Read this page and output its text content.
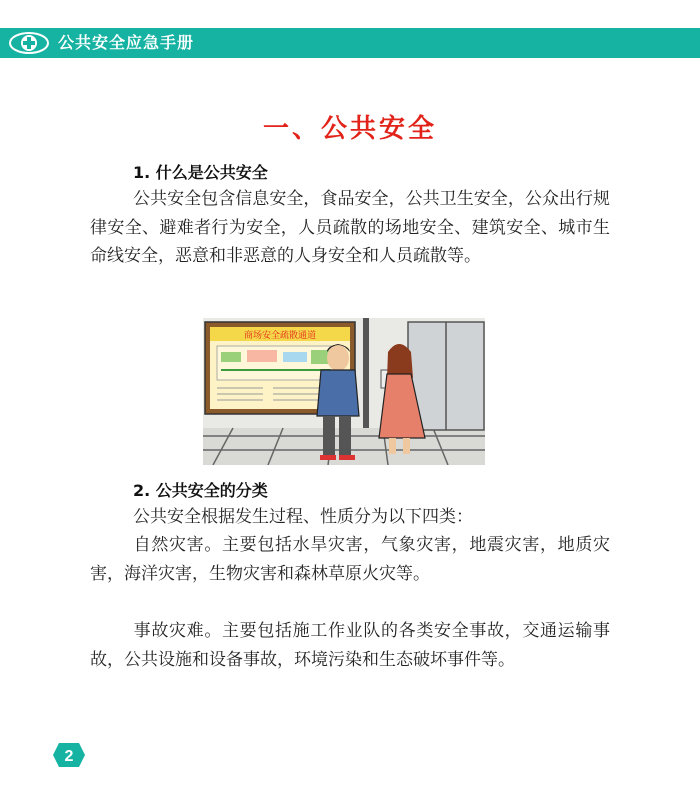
公共安全应急手册
一、公共安全
1. 什么是公共安全
公共安全包含信息安全，食品安全，公共卫生安全，公众出行规律安全、避难者行为安全，人员疏散的场地安全、建筑安全、城市生命线安全，恶意和非恶意的人身安全和人员疏散等。
商场安全疏散通道
2. 公共安全的分类
公共安全根据发生过程、性质分为以下四类：
自然灾害。主要包括水旱灾害，气象灾害，地震灾害，地质灾害，海洋灾害，生物灾害和森林草原火灾等。
事故灾难。主要包括施工作业队的各类安全事故，交通运输事故，公共设施和设备事故，环境污染和生态破坏事件等。
2
